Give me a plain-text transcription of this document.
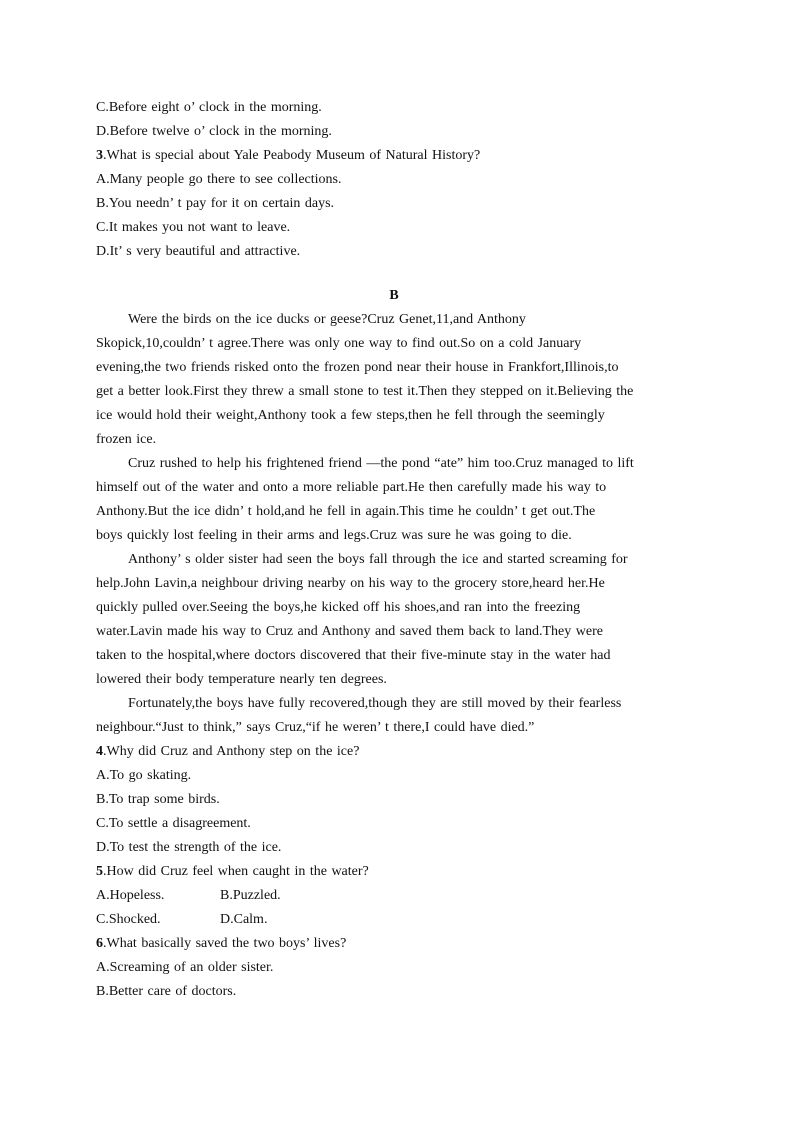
C.Before eight o’ clock in the morning.
D.Before twelve o’ clock in the morning.
3.What is special about Yale Peabody Museum of Natural History?
A.Many people go there to see collections.
B.You needn’ t pay for it on certain days.
C.It makes you not want to leave.
D.It’ s very beautiful and attractive.
B
Were the birds on the ice ducks or geese?Cruz Genet,11,and Anthony
Skopick,10,couldn’ t agree.There was only one way to find out.So on a cold January
evening,the two friends risked onto the frozen pond near their house in Frankfort,Illinois,to
get a better look.First they threw a small stone to test it.Then they stepped on it.Believing the
ice would hold their weight,Anthony took a few steps,then he fell through the seemingly
frozen ice.
Cruz rushed to help his frightened friend —the pond “ate” him too.Cruz managed to lift
himself out of the water and onto a more reliable part.He then carefully made his way to
Anthony.But the ice didn’ t hold,and he fell in again.This time he couldn’ t get out.The
boys quickly lost feeling in their arms and legs.Cruz was sure he was going to die.
Anthony’ s older sister had seen the boys fall through the ice and started screaming for
help.John Lavin,a neighbour driving nearby on his way to the grocery store,heard her.He
quickly pulled over.Seeing the boys,he kicked off his shoes,and ran into the freezing
water.Lavin made his way to Cruz and Anthony and saved them back to land.They were
taken to the hospital,where doctors discovered that their five-minute stay in the water had
lowered their body temperature nearly ten degrees.
Fortunately,the boys have fully recovered,though they are still moved by their fearless
neighbour.“Just to think,” says Cruz,“if he weren’ t there,I could have died.”
4.Why did Cruz and Anthony step on the ice?
A.To go skating.
B.To trap some birds.
C.To settle a disagreement.
D.To test the strength of the ice.
5.How did Cruz feel when caught in the water?
A.Hopeless.	B.Puzzled.
C.Shocked.	D.Calm.
6.What basically saved the two boys’ lives?
A.Screaming of an older sister.
B.Better care of doctors.
